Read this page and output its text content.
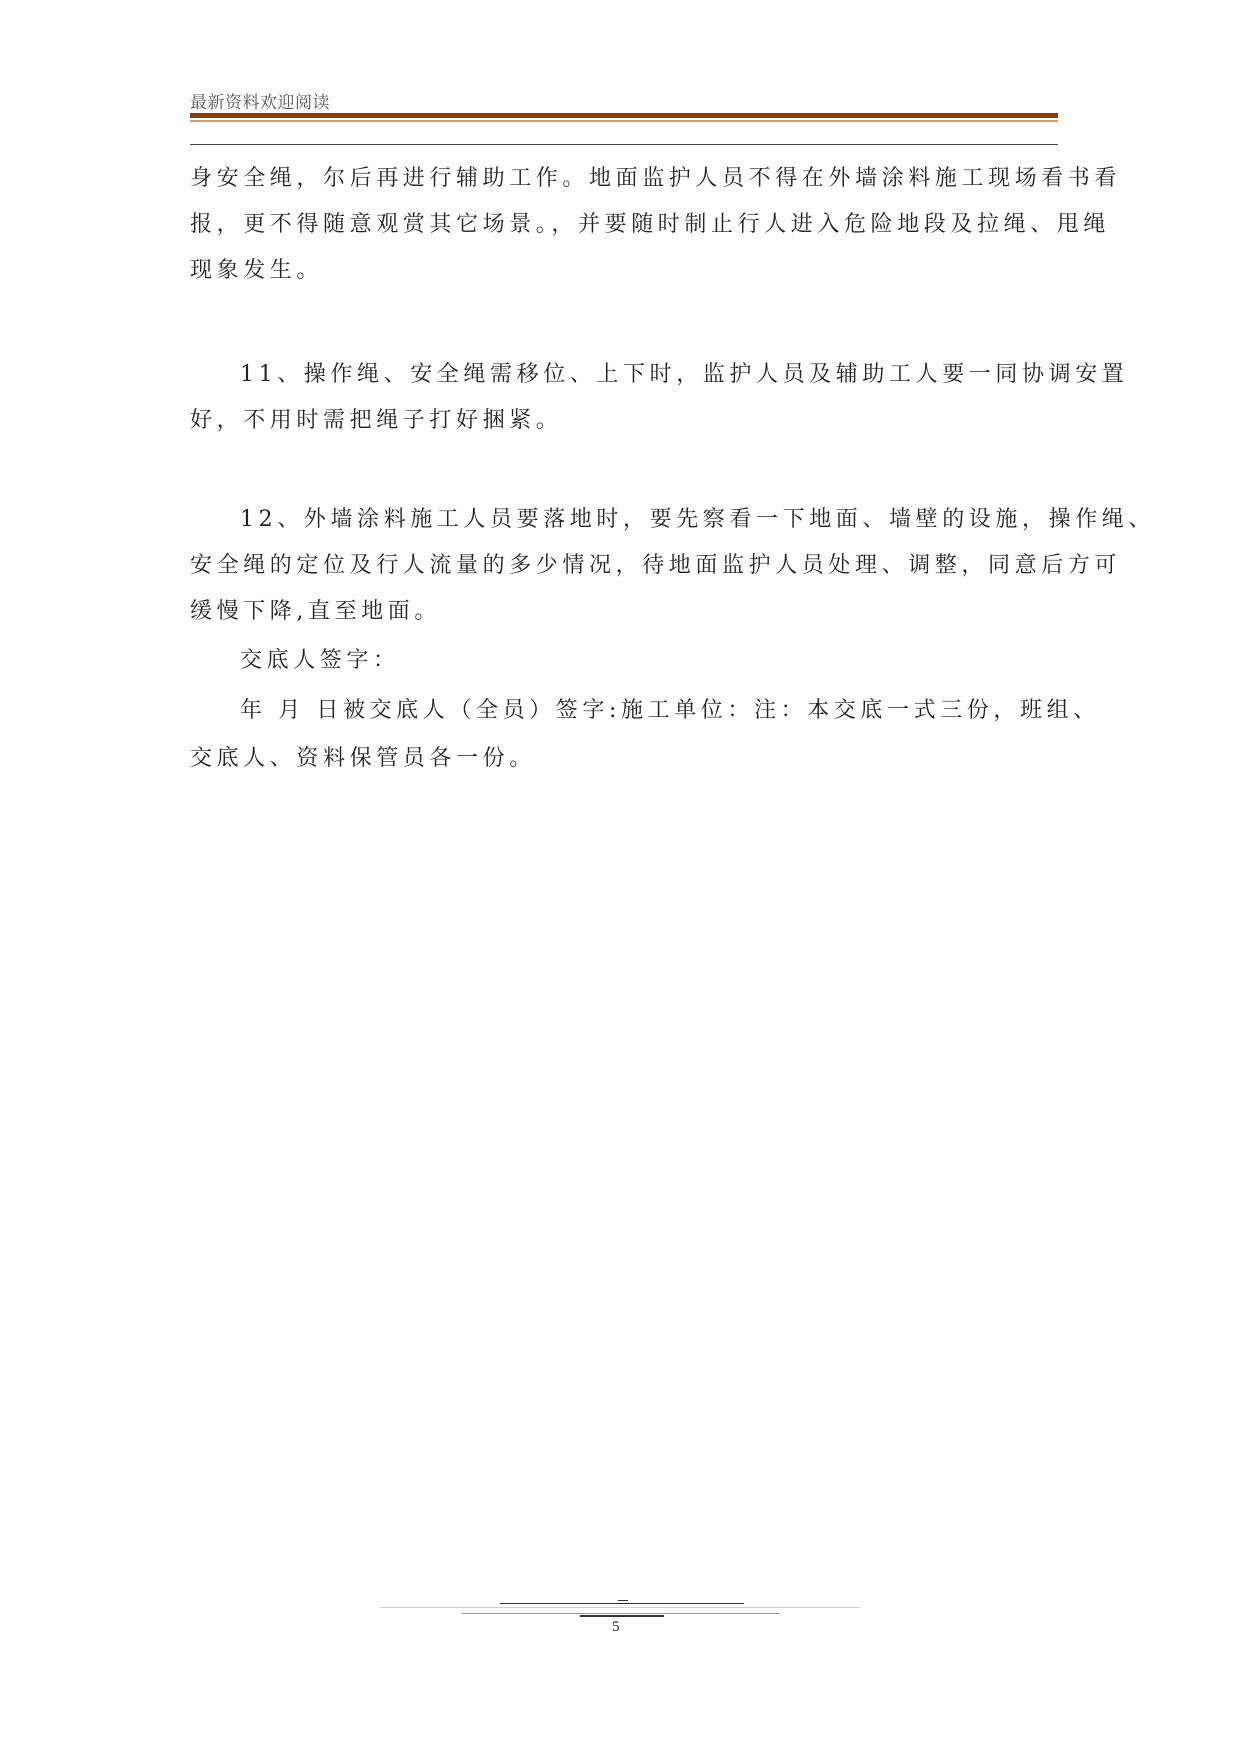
最新资料欢迎阅读
身安全绳，尔后再进行辅助工作。地面监护人员不得在外墙涂料施工现场看书看
报，更不得随意观赏其它场景。，并要随时制止行人进入危险地段及拉绳、甩绳
现象发生。
11、操作绳、安全绳需移位、上下时，监护人员及辅助工人要一同协调安置
好，不用时需把绳子打好捆紧。
12、外墙涂料施工人员要落地时，要先察看一下地面、墙壁的设施，操作绳、
安全绳的定位及行人流量的多少情况，待地面监护人员处理、调整，同意后方可
缓慢下降,直至地面。
交底人签字：
年 月 日被交底人（全员）签字:施工单位：注：本交底一式三份，班组、
交底人、资料保管员各一份。
5
